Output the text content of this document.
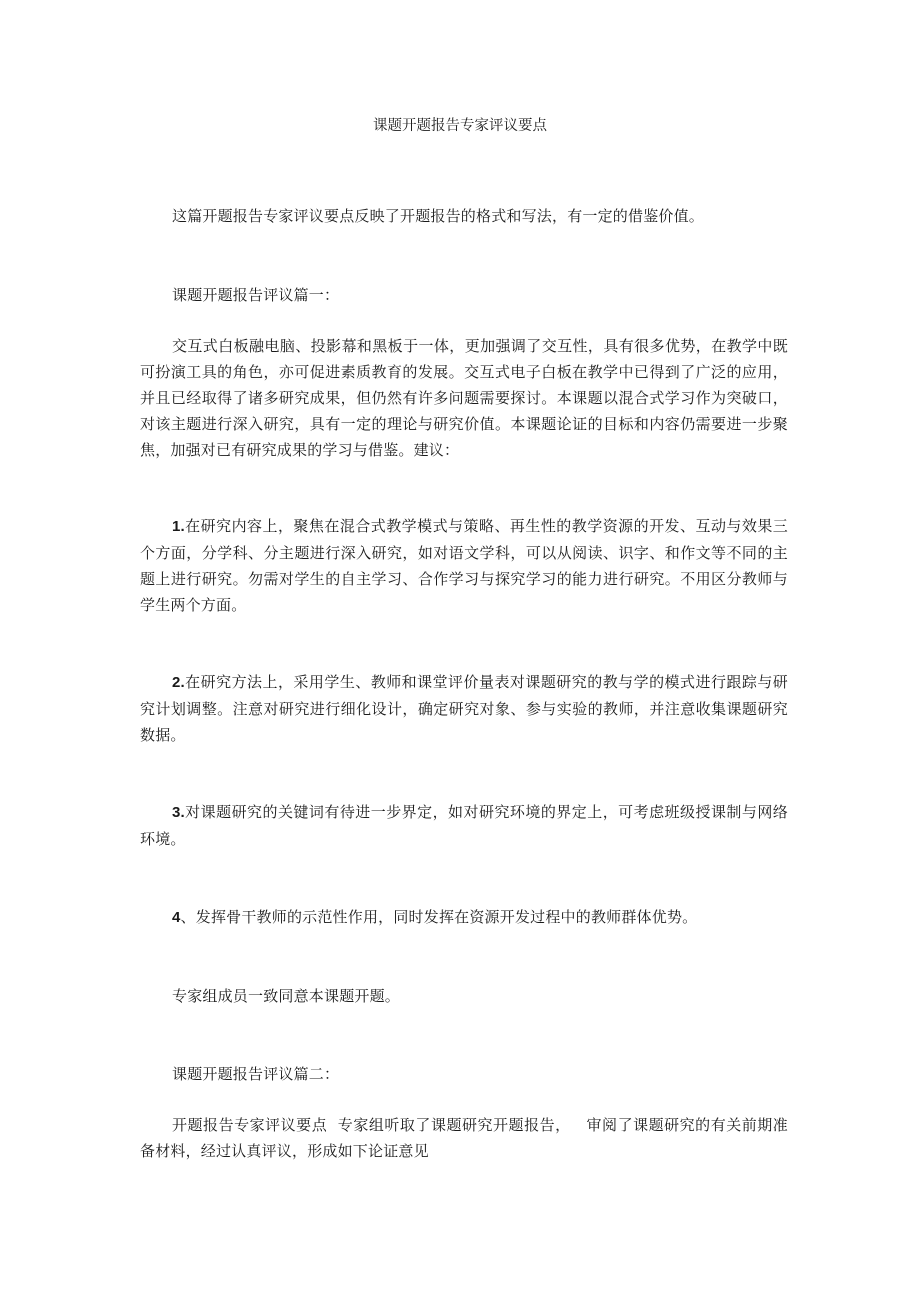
课题开题报告专家评议要点

这篇开题报告专家评议要点反映了开题报告的格式和写法，有一定的借鉴价值。

课题开题报告评议篇一：

交互式白板融电脑、投影幕和黑板于一体，更加强调了交互性，具有很多优势，在教学中既可扮演工具的角色，亦可促进素质教育的发展。交互式电子白板在教学中已得到了广泛的应用，并且已经取得了诸多研究成果，但仍然有许多问题需要探讨。本课题以混合式学习作为突破口，对该主题进行深入研究，具有一定的理论与研究价值。本课题论证的目标和内容仍需要进一步聚焦，加强对已有研究成果的学习与借鉴。建议：

1.在研究内容上，聚焦在混合式教学模式与策略、再生性的教学资源的开发、互动与效果三个方面，分学科、分主题进行深入研究，如对语文学科，可以从阅读、识字、和作文等不同的主题上进行研究。勿需对学生的自主学习、合作学习与探究学习的能力进行研究。不用区分教师与学生两个方面。

2.在研究方法上，采用学生、教师和课堂评价量表对课题研究的教与学的模式进行跟踪与研究计划调整。注意对研究进行细化设计，确定研究对象、参与实验的教师，并注意收集课题研究数据。

3.对课题研究的关键词有待进一步界定，如对研究环境的界定上，可考虑班级授课制与网络环境。

4、发挥骨干教师的示范性作用，同时发挥在资源开发过程中的教师群体优势。

专家组成员一致同意本课题开题。

课题开题报告评议篇二：

开题报告专家评议要点  专家组听取了课题研究开题报告，   审阅了课题研究的有关前期准  备材料，经过认真评议，形成如下论证意见
